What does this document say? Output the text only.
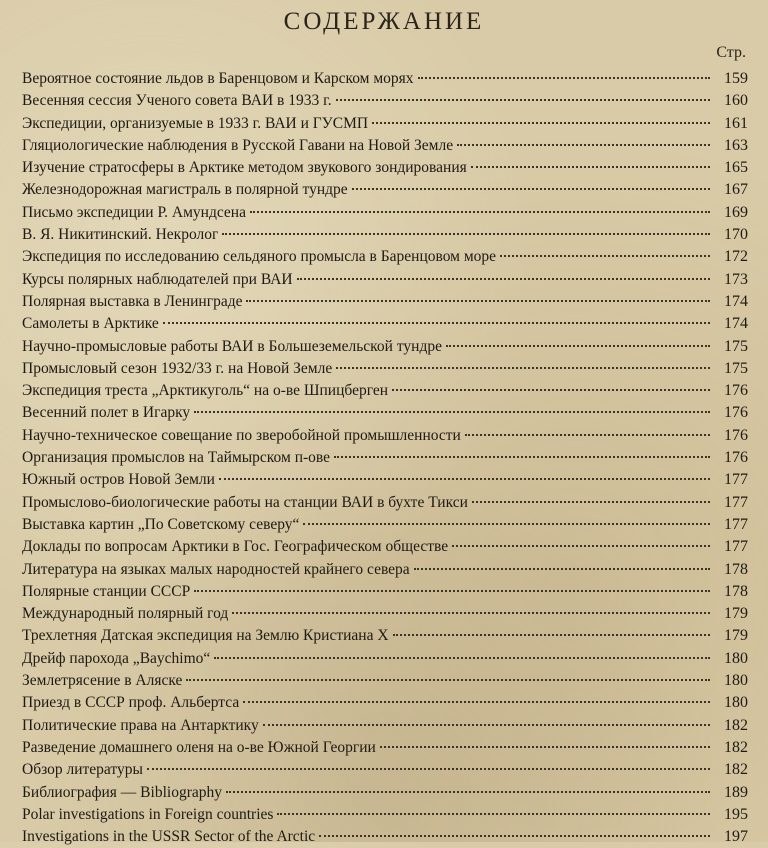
СОДЕРЖАНИЕ
Стр.
Вероятное состояние льдов в Баренцовом и Карском морях	159
Весенняя сессия Ученого совета ВАИ в 1933 г.	160
Экспедиции, организуемые в 1933 г. ВАИ и ГУСМП	161
Гляциологические наблюдения в Русской Гавани на Новой Земле	163
Изучение стратосферы в Арктике методом звукового зондирования	165
Железнодорожная магистраль в полярной тундре	167
Письмо экспедиции Р. Амундсена	169
В. Я. Никитинский. Некролог	170
Экспедиция по исследованию сельдяного промысла в Баренцовом море	172
Курсы полярных наблюдателей при ВАИ	173
Полярная выставка в Ленинграде	174
Самолеты в Арктике	174
Научно-промысловые работы ВАИ в Большеземельской тундре	175
Промысловый сезон 1932/33 г. на Новой Земле	175
Экспедиция треста „Арктикуголь“ на о-ве Шпицберген	176
Весенний полет в Игарку	176
Научно-техническое совещание по зверобойной промышленности	176
Организация промыслов на Таймырском п-ове	176
Южный остров Новой Земли	177
Промыслово-биологические работы на станции ВАИ в бухте Тикси	177
Выставка картин „По Советскому северу“	177
Доклады по вопросам Арктики в Гос. Географическом обществе	177
Литература на языках малых народностей крайнего севера	178
Полярные станции СССР	178
Международный полярный год	179
Трехлетняя Датская экспедиция на Землю Кристиана X	179
Дрейф парохода „Baychimo“	180
Землетрясение в Аляске	180
Приезд в СССР проф. Альбертса	180
Политические права на Антарктику	182
Разведение домашнего оленя на о-ве Южной Георгии	182
Обзор литературы	182
Библиография — Bibliography	189
Polar investigations in Foreign countries	195
Investigations in the USSR Sector of the Arctic	197
